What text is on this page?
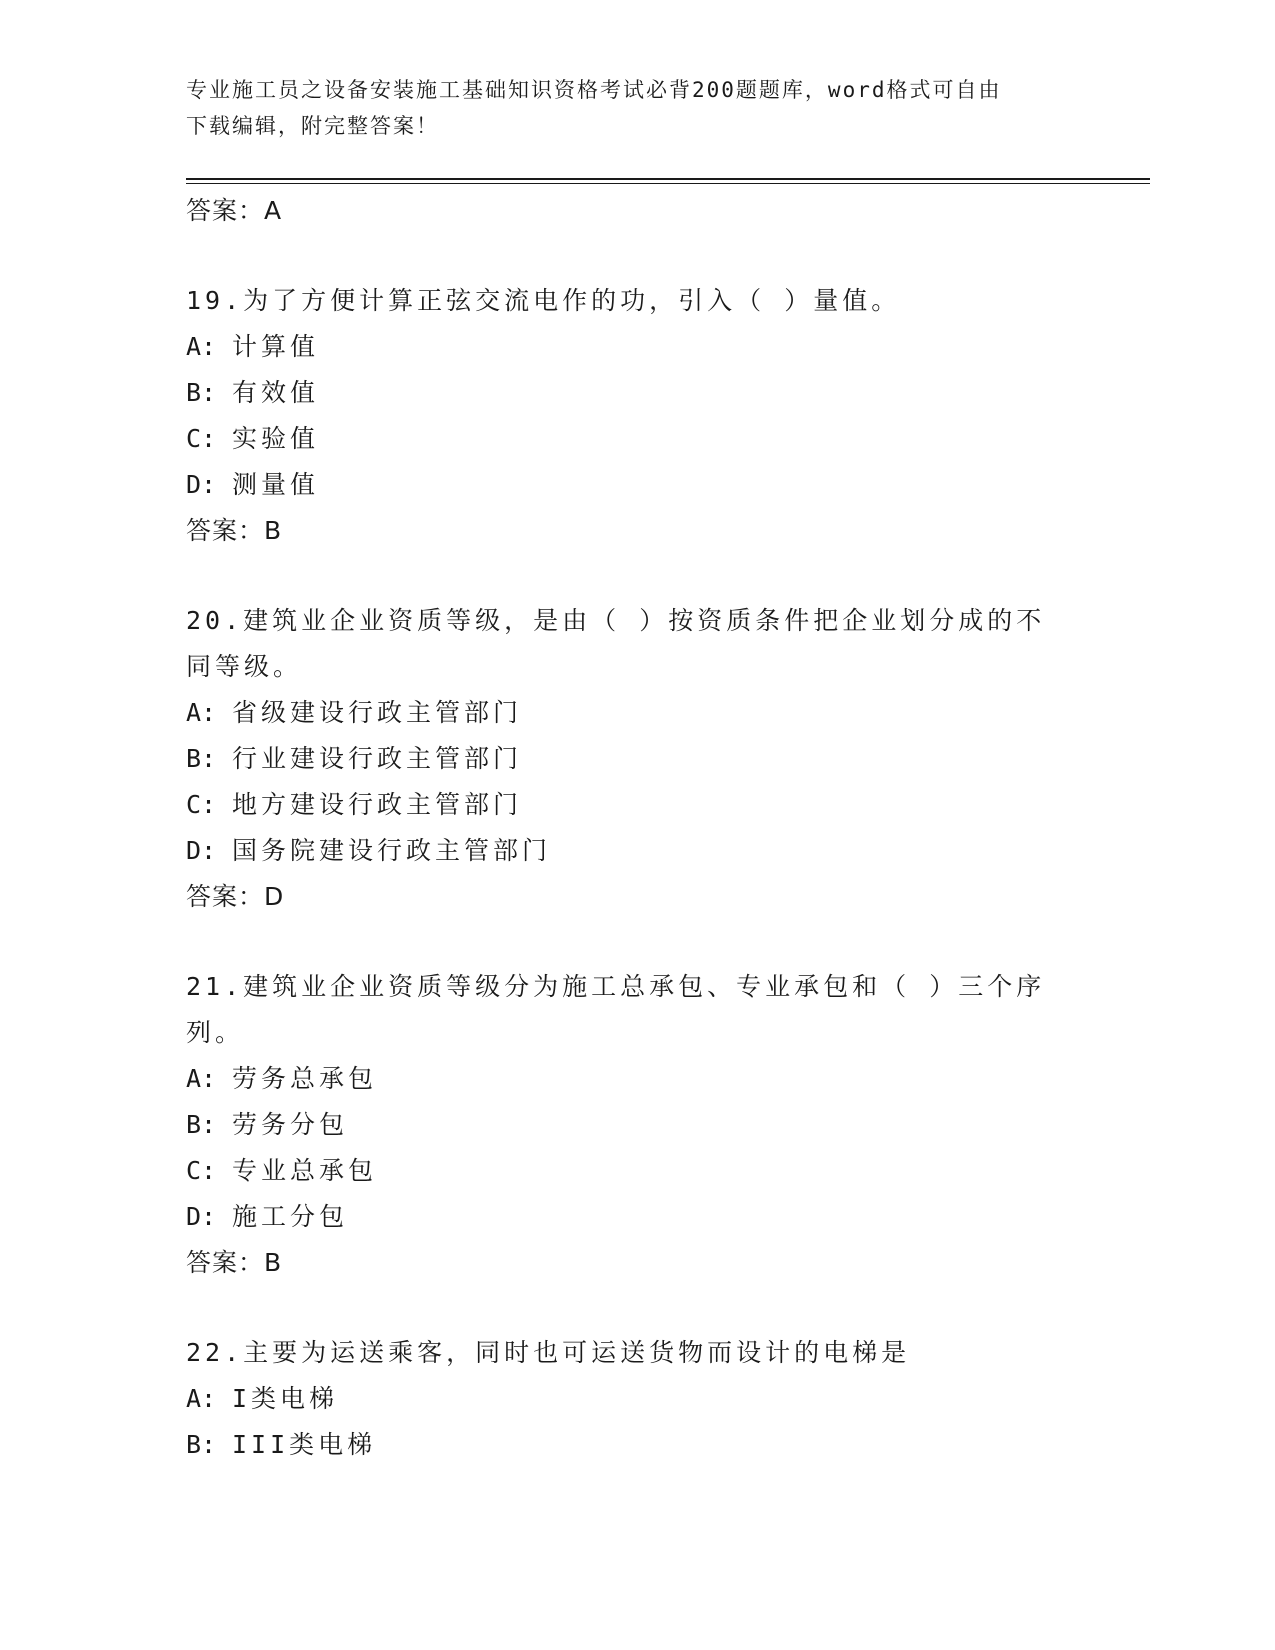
专业施工员之设备安装施工基础知识资格考试必背200题题库，word格式可自由
下载编辑，附完整答案！
答案：A
19.为了方便计算正弦交流电作的功，引入（ ）量值。
A: 计算值
B: 有效值
C: 实验值
D: 测量值
答案：B
20.建筑业企业资质等级，是由（ ）按资质条件把企业划分成的不同等级。
A: 省级建设行政主管部门
B: 行业建设行政主管部门
C: 地方建设行政主管部门
D: 国务院建设行政主管部门
答案：D
21.建筑业企业资质等级分为施工总承包、专业承包和（ ）三个序列。
A: 劳务总承包
B: 劳务分包
C: 专业总承包
D: 施工分包
答案：B
22.主要为运送乘客，同时也可运送货物而设计的电梯是
A: I类电梯
B: III类电梯
